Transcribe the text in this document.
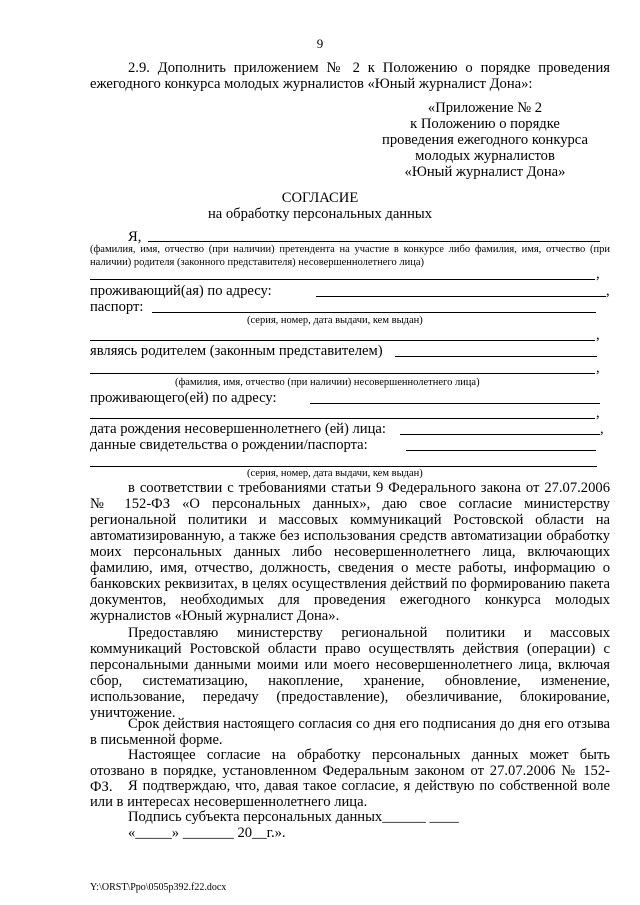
9
2.9. Дополнить приложением № 2 к Положению о порядке проведения ежегодного конкурса молодых журналистов «Юный журналист Дона»:
«Приложение № 2
к Положению о порядке
проведения ежегодного конкурса
молодых журналистов
«Юный журналист Дона»
СОГЛАСИЕ
на обработку персональных данных
Я,
(фамилия, имя, отчество (при наличии) претендента на участие в конкурсе либо фамилия, имя, отчество (при наличии) родителя (законного представителя) несовершеннолетнего лица)
,
проживающий(ая) по адресу:	,
паспорт:
(серия, номер, дата выдачи, кем выдан)
,
являясь родителем (законным представителем)
,
(фамилия, имя, отчество (при наличии) несовершеннолетнего лица)
проживающего(ей) по адресу:
,
дата рождения несовершеннолетнего (ей) лица:	,
данные свидетельства о рождении/паспорта:
(серия, номер, дата выдачи, кем выдан)
в соответствии с требованиями статьи 9 Федерального закона от 27.07.2006 № 152-ФЗ «О персональных данных», даю свое согласие министерству региональной политики и массовых коммуникаций Ростовской области на автоматизированную, а также без использования средств автоматизации обработку моих персональных данных либо несовершеннолетнего лица, включающих фамилию, имя, отчество, должность, сведения о месте работы, информацию о банковских реквизитах, в целях осуществления действий по формированию пакета документов, необходимых для проведения ежегодного конкурса молодых журналистов «Юный журналист Дона».
Предоставляю министерству региональной политики и массовых коммуникаций Ростовской области право осуществлять действия (операции) с персональными данными моими или моего несовершеннолетнего лица, включая сбор, систематизацию, накопление, хранение, обновление, изменение, использование, передачу (предоставление), обезличивание, блокирование, уничтожение.
Срок действия настоящего согласия со дня его подписания до дня его отзыва в письменной форме.
Настоящее согласие на обработку персональных данных может быть отозвано в порядке, установленном Федеральным законом от 27.07.2006 № 152-ФЗ.	Я подтверждаю, что, давая такое согласие, я действую по собственной воле или в интересах несовершеннолетнего лица.
Подпись субъекта персональных данных______ ____
«_____» _______ 20__г.».
Y:\ORST\Ppo\0505p392.f22.docx
